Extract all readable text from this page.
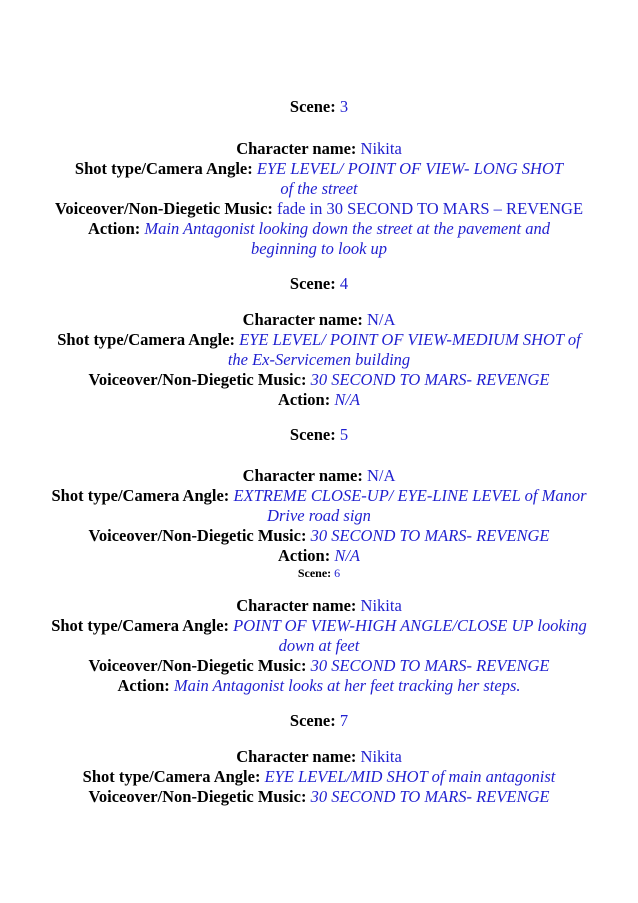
Scene: 3
Character name: Nikita
Shot type/Camera Angle: EYE LEVEL/ POINT OF VIEW- LONG SHOT
of the street
Voiceover/Non-Diegetic Music: fade in 30 SECOND TO MARS – REVENGE
Action: Main Antagonist looking down the street at the pavement and
beginning to look up
Scene: 4
Character name: N/A
Shot type/Camera Angle: EYE LEVEL/ POINT OF VIEW-MEDIUM SHOT of
the Ex-Servicemen building
Voiceover/Non-Diegetic Music: 30 SECOND TO MARS- REVENGE
Action: N/A
Scene: 5
Character name: N/A
Shot type/Camera Angle: EXTREME CLOSE-UP/ EYE-LINE LEVEL of Manor
Drive road sign
Voiceover/Non-Diegetic Music: 30 SECOND TO MARS- REVENGE
Action: N/A
Scene: 6
Character name: Nikita
Shot type/Camera Angle: POINT OF VIEW-HIGH ANGLE/CLOSE UP looking
down at feet
Voiceover/Non-Diegetic Music: 30 SECOND TO MARS- REVENGE
Action: Main Antagonist looks at her feet tracking her steps.
Scene: 7
Character name: Nikita
Shot type/Camera Angle: EYE LEVEL/MID SHOT of main antagonist
Voiceover/Non-Diegetic Music: 30 SECOND TO MARS- REVENGE
